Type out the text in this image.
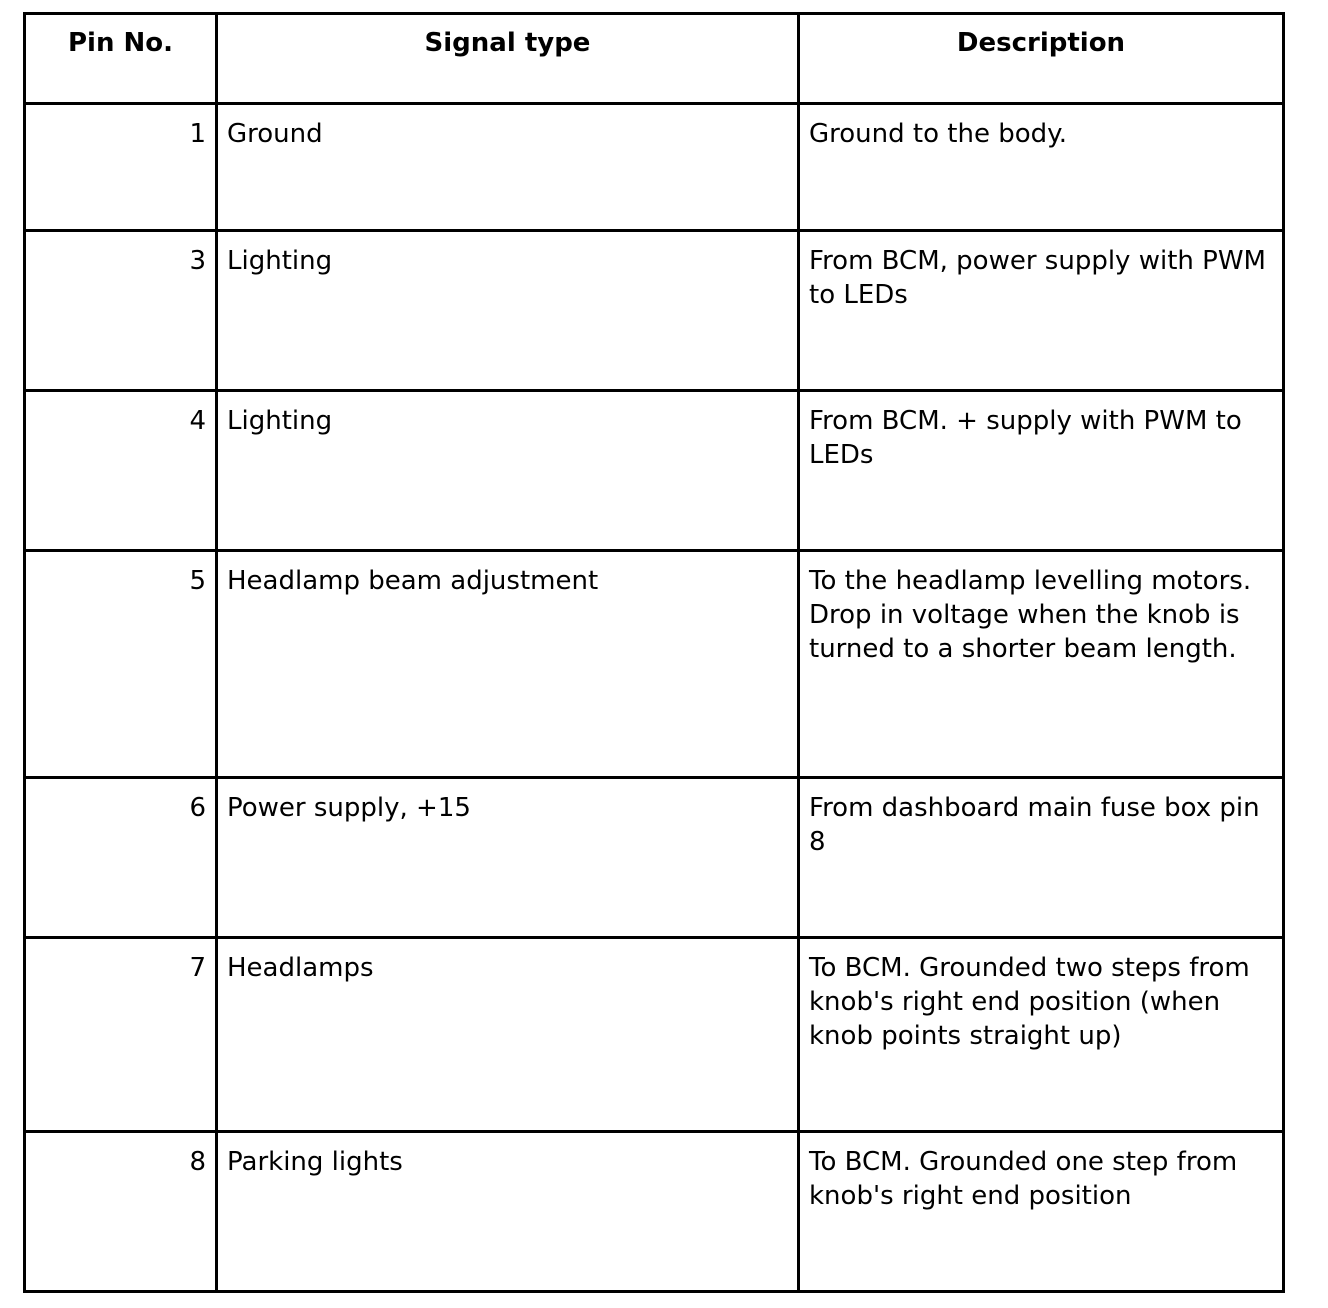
Pin No.	Signal type	Description
1	Ground	Ground to the body.
3	Lighting	From BCM, power supply with PWM to LEDs
4	Lighting	From BCM. + supply with PWM to LEDs
5	Headlamp beam adjustment	To the headlamp levelling motors. Drop in voltage when the knob is turned to a shorter beam length.
6	Power supply, +15	From dashboard main fuse box pin 8
7	Headlamps	To BCM. Grounded two steps from knob's right end position (when knob points straight up)
8	Parking lights	To BCM. Grounded one step from knob's right end position
